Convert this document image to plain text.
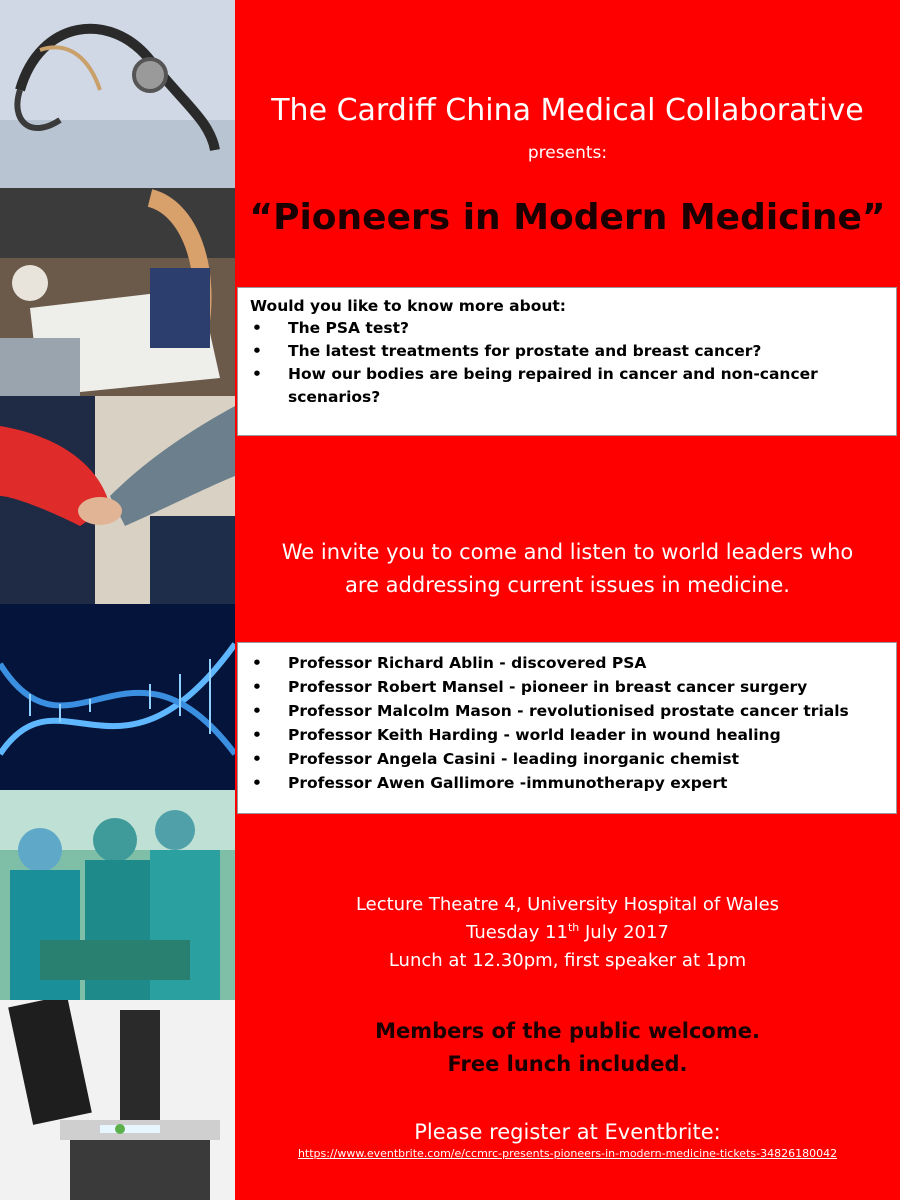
The Cardiff China Medical Collaborative
presents:
“Pioneers in Modern Medicine”
Would you like to know more about:
• The PSA test?
• The latest treatments for prostate and breast cancer?
• How our bodies are being repaired in cancer and non-cancer scenarios?
We invite you to come and listen to world leaders who
are addressing current issues in medicine.
• Professor Richard Ablin - discovered PSA
• Professor Robert Mansel - pioneer in breast cancer surgery
• Professor Malcolm Mason - revolutionised prostate cancer trials
• Professor Keith Harding - world leader in wound healing
• Professor Angela Casini - leading inorganic chemist
• Professor Awen Gallimore -immunotherapy expert
Lecture Theatre 4, University Hospital of Wales
Tuesday 11th July 2017
Lunch at 12.30pm, first speaker at 1pm
Members of the public welcome.
Free lunch included.
Please register at Eventbrite:
https://www.eventbrite.com/e/ccmrc-presents-pioneers-in-modern-medicine-tickets-34826180042
